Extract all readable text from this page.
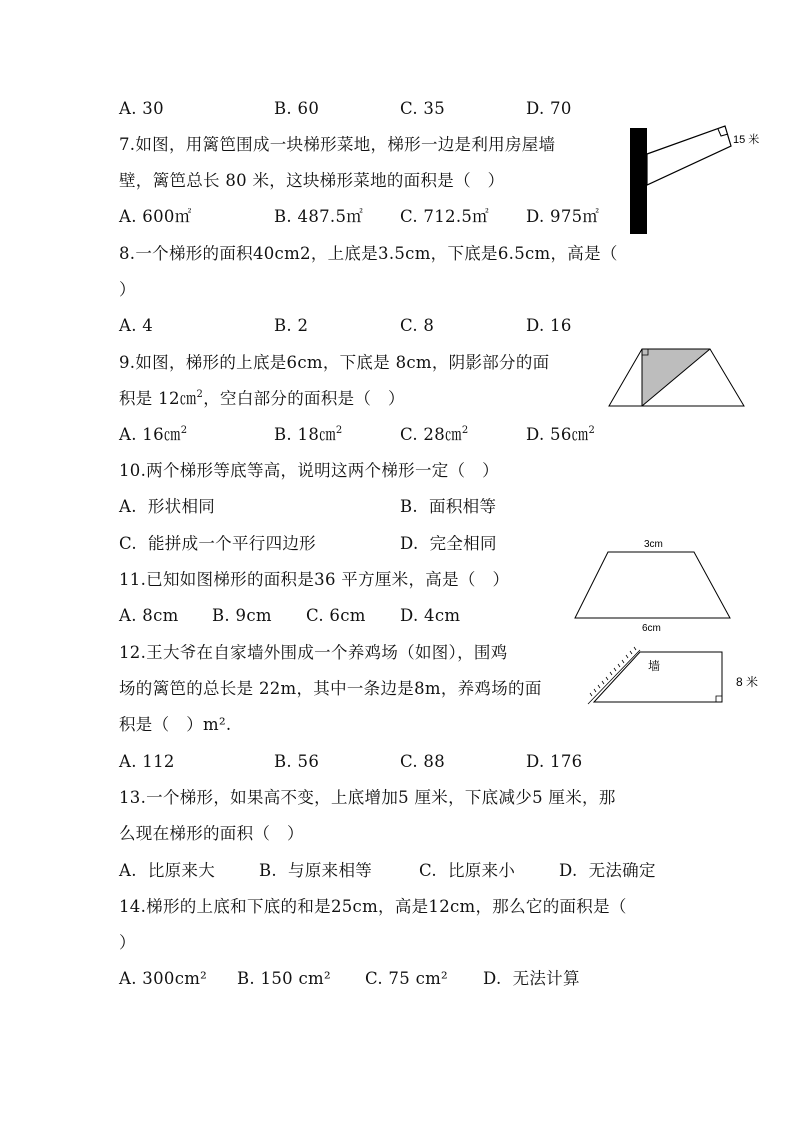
A. 30	B. 60	C. 35	D. 70
7.如图，用篱笆围成一块梯形菜地，梯形一边是利用房屋墙
壁，篱笆总长 80 米，这块梯形菜地的面积是（　）
A. 600㎡	B. 487.5㎡ C. 712.5㎡ D. 975㎡
15 米
8.一个梯形的面积40cm2，上底是3.5cm，下底是6.5cm，高是（
）
A. 4	B. 2	C. 8	D. 16
9.如图，梯形的上底是6cm，下底是 8cm，阴影部分的面
积是 12㎝$^2$，空白部分的面积是（　）
A. 16㎝$^2$	B. 18㎝$^2$	C. 28㎝$^2$	D. 56㎝$^2$
10.两个梯形等底等高，说明这两个梯形一定（　）
A.  形状相同	B.  面积相等
C.  能拼成一个平行四边形	D.  完全相同
11.已知如图梯形的面积是36 平方厘米，高是（　）
A. 8cm B. 9cm C. 6cm D. 4cm
3cm
6cm
12.王大爷在自家墙外围成一个养鸡场（如图），围鸡
场的篱笆的总长是 22m，其中一条边是8m，养鸡场的面
积是（　）m².
A. 112	B. 56	C. 88	D. 176
墙
8 米
13.一个梯形，如果高不变，上底增加5 厘米，下底减少5 厘米，那
么现在梯形的面积（　）
A.  比原来大	B.  与原来相等	C.  比原来小	D.  无法确定
14.梯形的上底和下底的和是25cm，高是12cm，那么它的面积是（
）
A. 300cm² B. 150 cm² C. 75 cm² D.  无法计算
